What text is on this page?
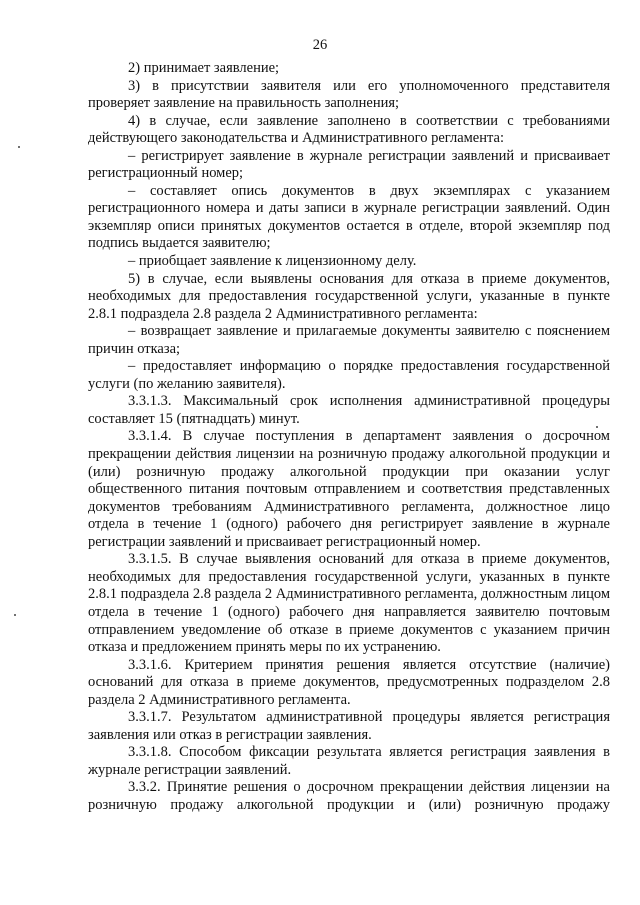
26

2) принимает заявление;

3) в присутствии заявителя или его уполномоченного представителя проверяет заявление на правильность заполнения;

4) в случае, если заявление заполнено в соответствии с требованиями действующего законодательства и Административного регламента:

– регистрирует заявление в журнале регистрации заявлений и присваивает регистрационный номер;

– составляет опись документов в двух экземплярах с указанием регистрационного номера и даты записи в журнале регистрации заявлений. Один экземпляр описи принятых документов остается в отделе, второй экземпляр под подпись выдается заявителю;

– приобщает заявление к лицензионному делу.

5) в случае, если выявлены основания для отказа в приеме документов, необходимых для предоставления государственной услуги, указанные в пункте 2.8.1 подраздела 2.8 раздела 2 Административного регламента:

– возвращает заявление и прилагаемые документы заявителю с пояснением причин отказа;

– предоставляет информацию о порядке предоставления государственной услуги (по желанию заявителя).

3.3.1.3. Максимальный срок исполнения административной процедуры составляет 15 (пятнадцать) минут.

3.3.1.4. В случае поступления в департамент заявления о досрочном прекращении действия лицензии на розничную продажу алкогольной продукции и (или) розничную продажу алкогольной продукции при оказании услуг общественного питания почтовым отправлением и соответствия представленных документов требованиям Административного регламента, должностное лицо отдела в течение 1 (одного) рабочего дня регистрирует заявление в журнале регистрации заявлений и присваивает регистрационный номер.

3.3.1.5. В случае выявления оснований для отказа в приеме документов, необходимых для предоставления государственной услуги, указанных в пункте 2.8.1 подраздела 2.8 раздела 2 Административного регламента, должностным лицом отдела в течение 1 (одного) рабочего дня направляется заявителю почтовым отправлением уведомление об отказе в приеме документов с указанием причин отказа и предложением принять меры по их устранению.

3.3.1.6. Критерием принятия решения является отсутствие (наличие) оснований для отказа в приеме документов, предусмотренных подразделом 2.8 раздела 2 Административного регламента.

3.3.1.7. Результатом административной процедуры является регистрация заявления или отказ в регистрации заявления.

3.3.1.8. Способом фиксации результата является регистрация заявления в журнале регистрации заявлений.

3.3.2. Принятие решения о досрочном прекращении действия лицензии на розничную продажу алкогольной продукции и (или) розничную продажу
